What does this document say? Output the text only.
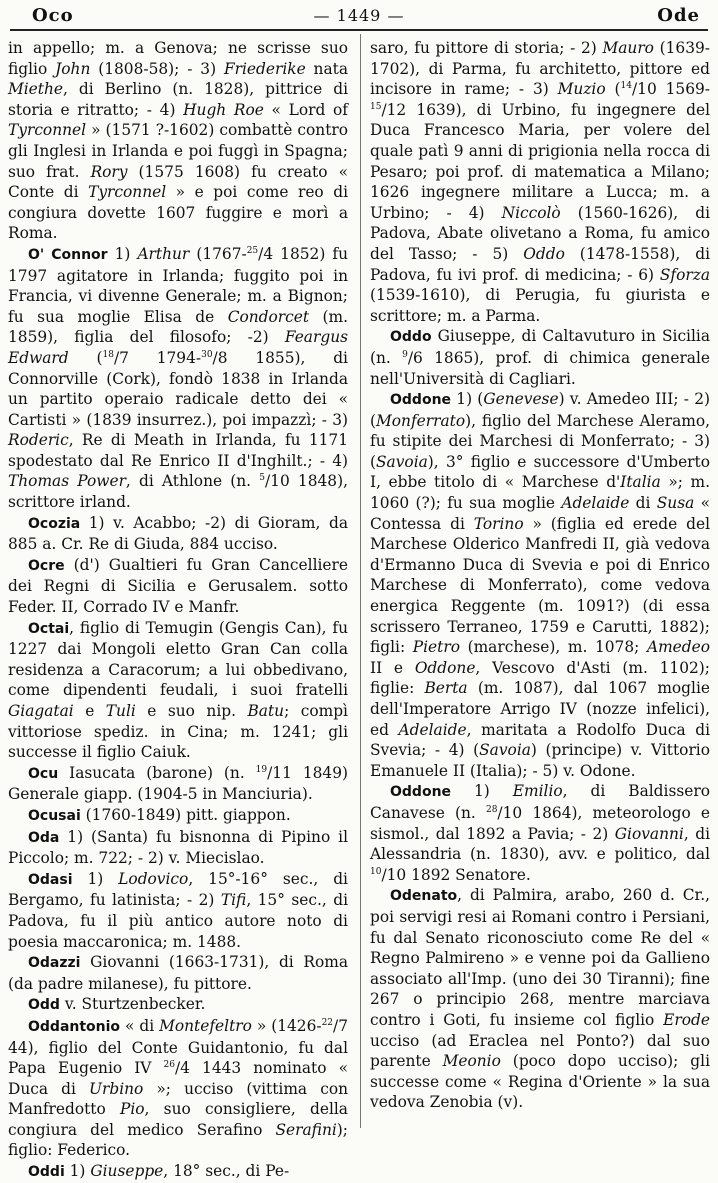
Oco	— 1449 —	Ode

in appello; m. a Genova; ne scrisse suo figlio John (1808-58); - 3) Friederike nata Miethe, di Berlino (n. 1828), pittrice di storia e ritratto; - 4) Hugh Roe « Lord of Tyrconnel » (1571 ?-1602) combattè contro gli Inglesi in Irlanda e poi fuggì in Spagna; suo frat. Rory (1575 1608) fu creato « Conte di Tyrconnel » e poi come reo di congiura dovette 1607 fuggire e morì a Roma.

O' Connor 1) Arthur (1767-$^{25}$/4 1852) fu 1797 agitatore in Irlanda; fuggito poi in Francia, vi divenne Generale; m. a Bignon; fu sua moglie Elisa de Condorcet (m. 1859), figlia del filosofo; -2) Feargus Edward ($^{18}$/7 1794-$^{30}$/8 1855), di Connorville (Cork), fondò 1838 in Irlanda un partito operaio radicale detto dei « Cartisti » (1839 insurrez.), poi impazzì; - 3) Roderic, Re di Meath in Irlanda, fu 1171 spodestato dal Re Enrico II d'Inghilt.; - 4) Thomas Power, di Athlone (n. $^5$/10 1848), scrittore irland.

Ocozia 1) v. Acabbo; -2) di Gioram, da 885 a. Cr. Re di Giuda, 884 ucciso.

Ocre (d') Gualtieri fu Gran Cancelliere dei Regni di Sicilia e Gerusalem. sotto Feder. II, Corrado IV e Manfr.

Octai, figlio di Temugin (Gengis Can), fu 1227 dai Mongoli eletto Gran Can colla residenza a Caracorum; a lui obbedivano, come dipendenti feudali, i suoi fratelli Giagatai e Tuli e suo nip. Batu; compì vittoriose spediz. in Cina; m. 1241; gli successe il figlio Caiuk.

Ocu Iasucata (barone) (n. $^{19}$/11 1849) Generale giapp. (1904-5 in Manciuria).

Ocusai (1760-1849) pitt. giappon.

Oda 1) (Santa) fu bisnonna di Pipino il Piccolo; m. 722; - 2) v. Miecislao.

Odasi 1) Lodovico, 15°-16° sec., di Bergamo, fu latinista; - 2) Tifi, 15° sec., di Padova, fu il più antico autore noto di poesia maccaronica; m. 1488.

Odazzi Giovanni (1663-1731), di Roma (da padre milanese), fu pittore.

Odd v. Sturtzenbecker.

Oddantonio « di Montefeltro » (1426-$^{22}$/7 44), figlio del Conte Guidantonio, fu dal Papa Eugenio IV $^{26}$/4 1443 nominato « Duca di Urbino »; ucciso (vittima con Manfredotto Pio, suo consigliere, della congiura del medico Serafino Serafini); figlio: Federico.

Oddi 1) Giuseppe, 18° sec., di Pe-

saro, fu pittore di storia; - 2) Mauro (1639-1702), di Parma, fu architetto, pittore ed incisore in rame; - 3) Muzio ($^{14}$/10 1569-$^{15}$/12 1639), di Urbino, fu ingegnere del Duca Francesco Maria, per volere del quale patì 9 anni di prigionia nella rocca di Pesaro; poi prof. di matematica a Milano; 1626 ingegnere militare a Lucca; m. a Urbino; - 4) Niccolò (1560-1626), di Padova, Abate olivetano a Roma, fu amico del Tasso; - 5) Oddo (1478-1558), di Padova, fu ivi prof. di medicina; - 6) Sforza (1539-1610), di Perugia, fu giurista e scrittore; m. a Parma.

Oddo Giuseppe, di Caltavuturo in Sicilia (n. $^9$/6 1865), prof. di chimica generale nell'Università di Cagliari.

Oddone 1) (Genevese) v. Amedeo III; - 2) (Monferrato), figlio del Marchese Aleramo, fu stipite dei Marchesi di Monferrato; - 3) (Savoia), 3° figlio e successore d'Umberto I, ebbe titolo di « Marchese d'Italia »; m. 1060 (?); fu sua moglie Adelaide di Susa « Contessa di Torino » (figlia ed erede del Marchese Olderico Manfredi II, già vedova d'Ermanno Duca di Svevia e poi di Enrico Marchese di Monferrato), come vedova energica Reggente (m. 1091?) (di essa scrissero Terraneo, 1759 e Carutti, 1882); figli: Pietro (marchese), m. 1078; Amedeo II e Oddone, Vescovo d'Asti (m. 1102); figlie: Berta (m. 1087), dal 1067 moglie dell'Imperatore Arrigo IV (nozze infelici), ed Adelaide, maritata a Rodolfo Duca di Svevia; - 4) (Savoia) (principe) v. Vittorio Emanuele II (Italia); - 5) v. Odone.

Oddone 1) Emilio, di Baldissero Canavese (n. $^{28}$/10 1864), meteorologo e sismol., dal 1892 a Pavia; - 2) Giovanni, di Alessandria (n. 1830), avv. e politico, dal $^{10}$/10 1892 Senatore.

Odenato, di Palmira, arabo, 260 d. Cr., poi servigi resi ai Romani contro i Persiani, fu dal Senato riconosciuto come Re del « Regno Palmireno » e venne poi da Gallieno associato all'Imp. (uno dei 30 Tiranni); fine 267 o principio 268, mentre marciava contro i Goti, fu insieme col figlio Erode ucciso (ad Eraclea nel Ponto?) dal suo parente Meonio (poco dopo ucciso); gli successe come « Regina d'Oriente » la sua vedova Zenobia (v).
